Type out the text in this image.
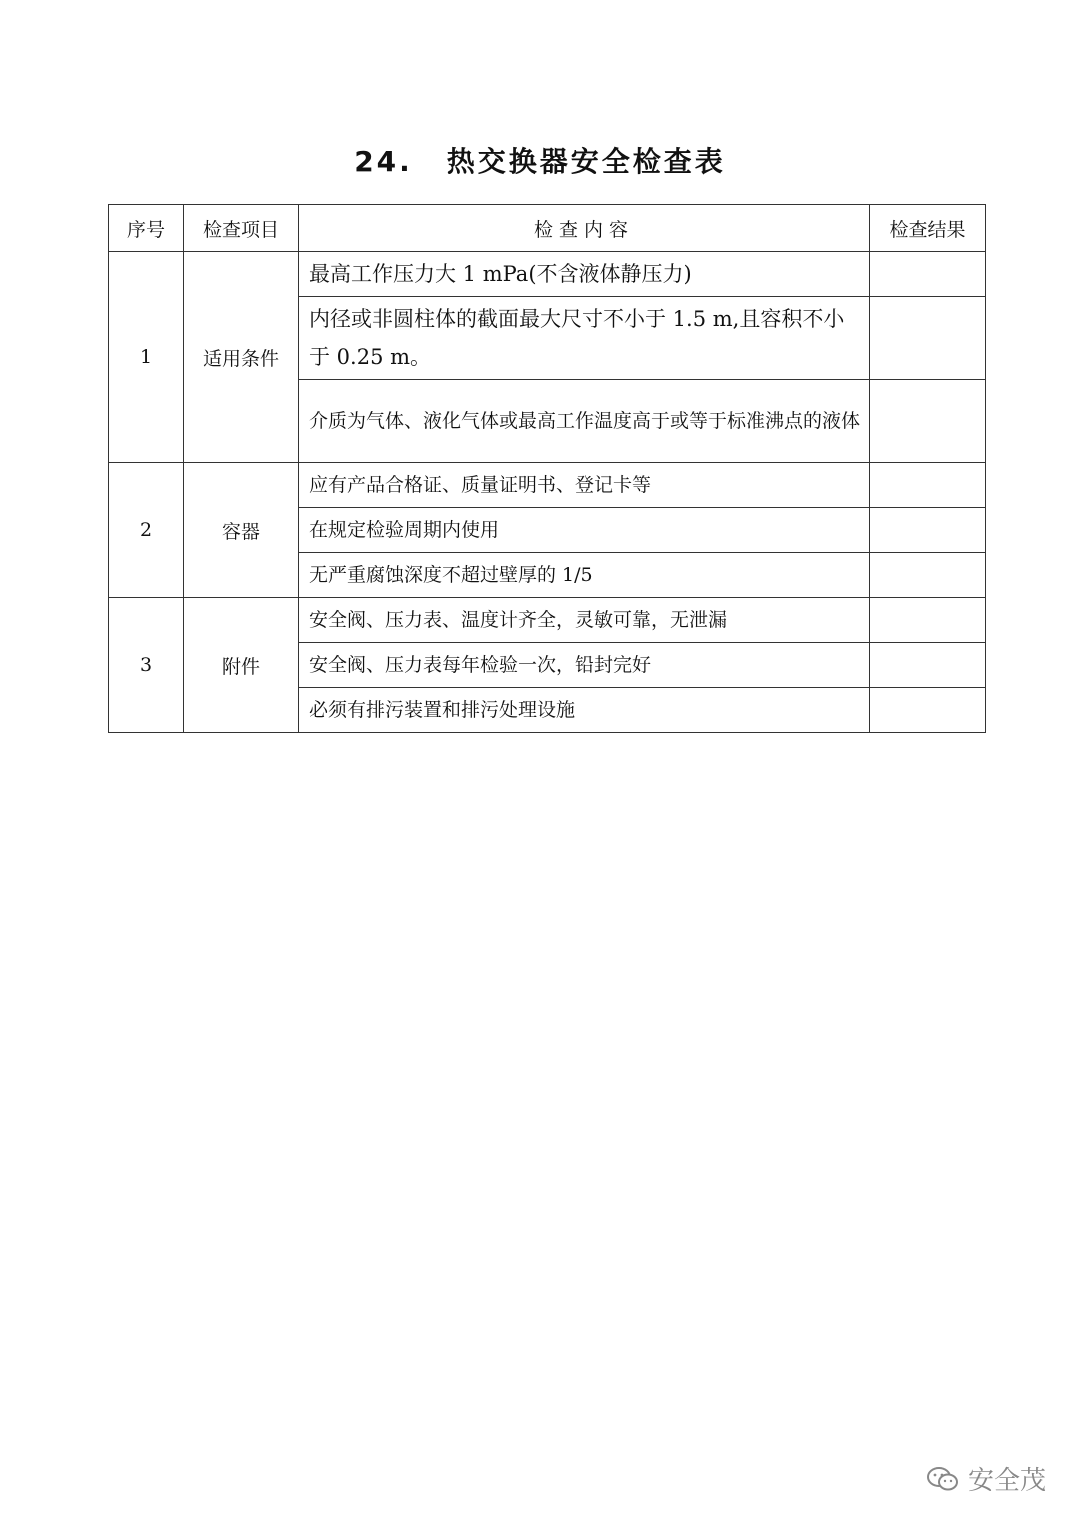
24. 热交换器安全检查表
序号	检查项目	检查内容	检查结果
1	适用条件	最高工作压力大 1 mPa(不含液体静压力)	
		内径或非圆柱体的截面最大尺寸不小于 1.5 m,且容积不小于 0.25 m。	
		介质为气体、液化气体或最高工作温度高于或等于标准沸点的液体	
2	容器	应有产品合格证、质量证明书、登记卡等	
		在规定检验周期内使用	
		无严重腐蚀深度不超过壁厚的 1/5	
3	附件	安全阀、压力表、温度计齐全，灵敏可靠，无泄漏	
		安全阀、压力表每年检验一次，铅封完好	
		必须有排污装置和排污处理设施	
安全茂
